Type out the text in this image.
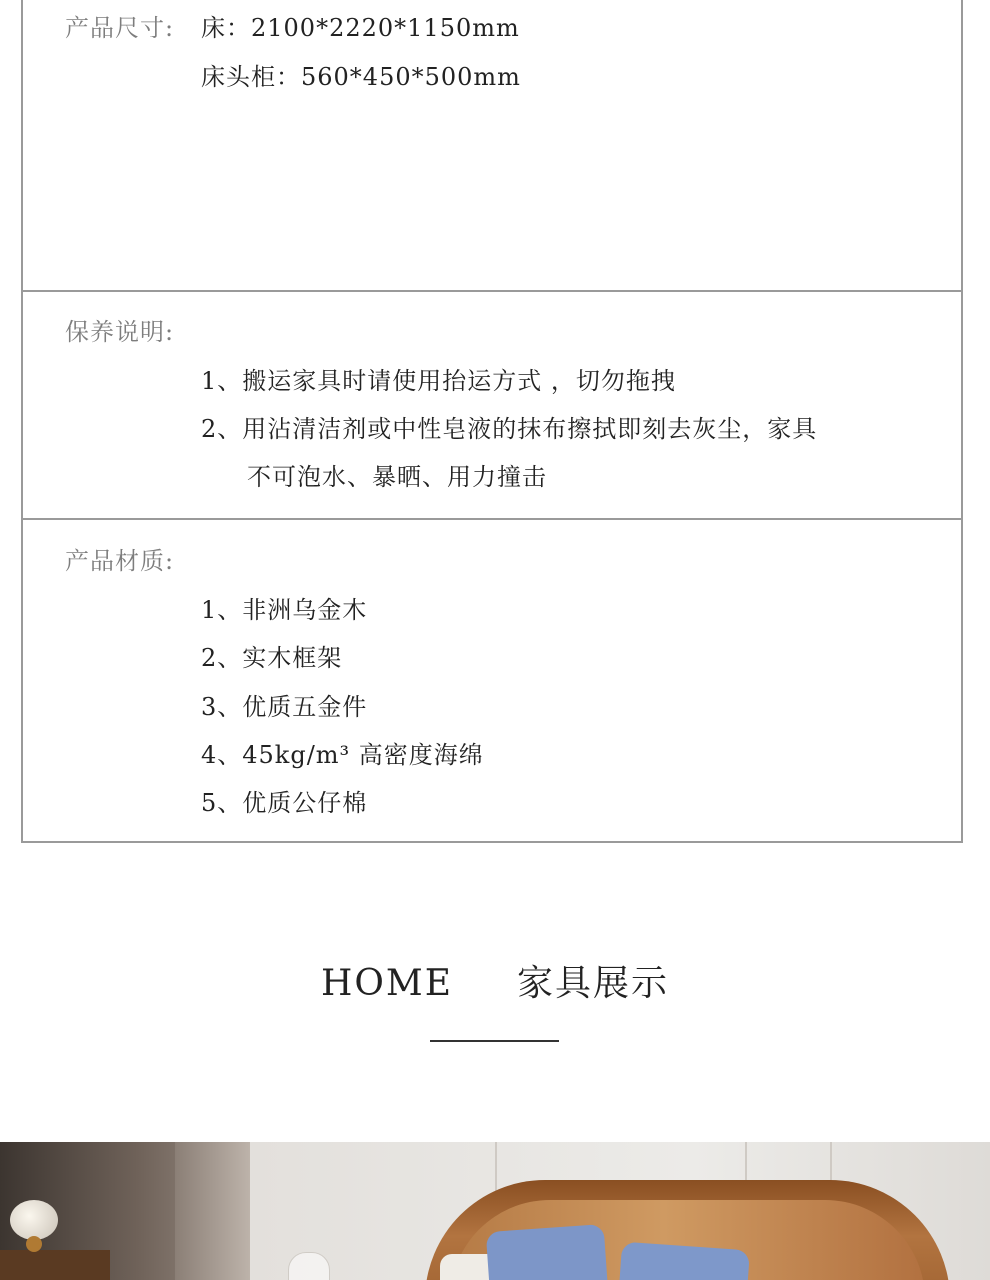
产品尺寸: 床：2100*2220*1150mm
床头柜：560*450*500mm
保养说明:
1、搬运家具时请使用抬运方式 ，切勿拖拽
2、用沾清洁剂或中性皂液的抹布擦拭即刻去灰尘，家具
不可泡水、暴晒、用力撞击
产品材质:
1、非洲乌金木
2、实木框架
3、优质五金件
4、45kg/m³ 高密度海绵
5、优质公仔棉
HOME 家具展示
